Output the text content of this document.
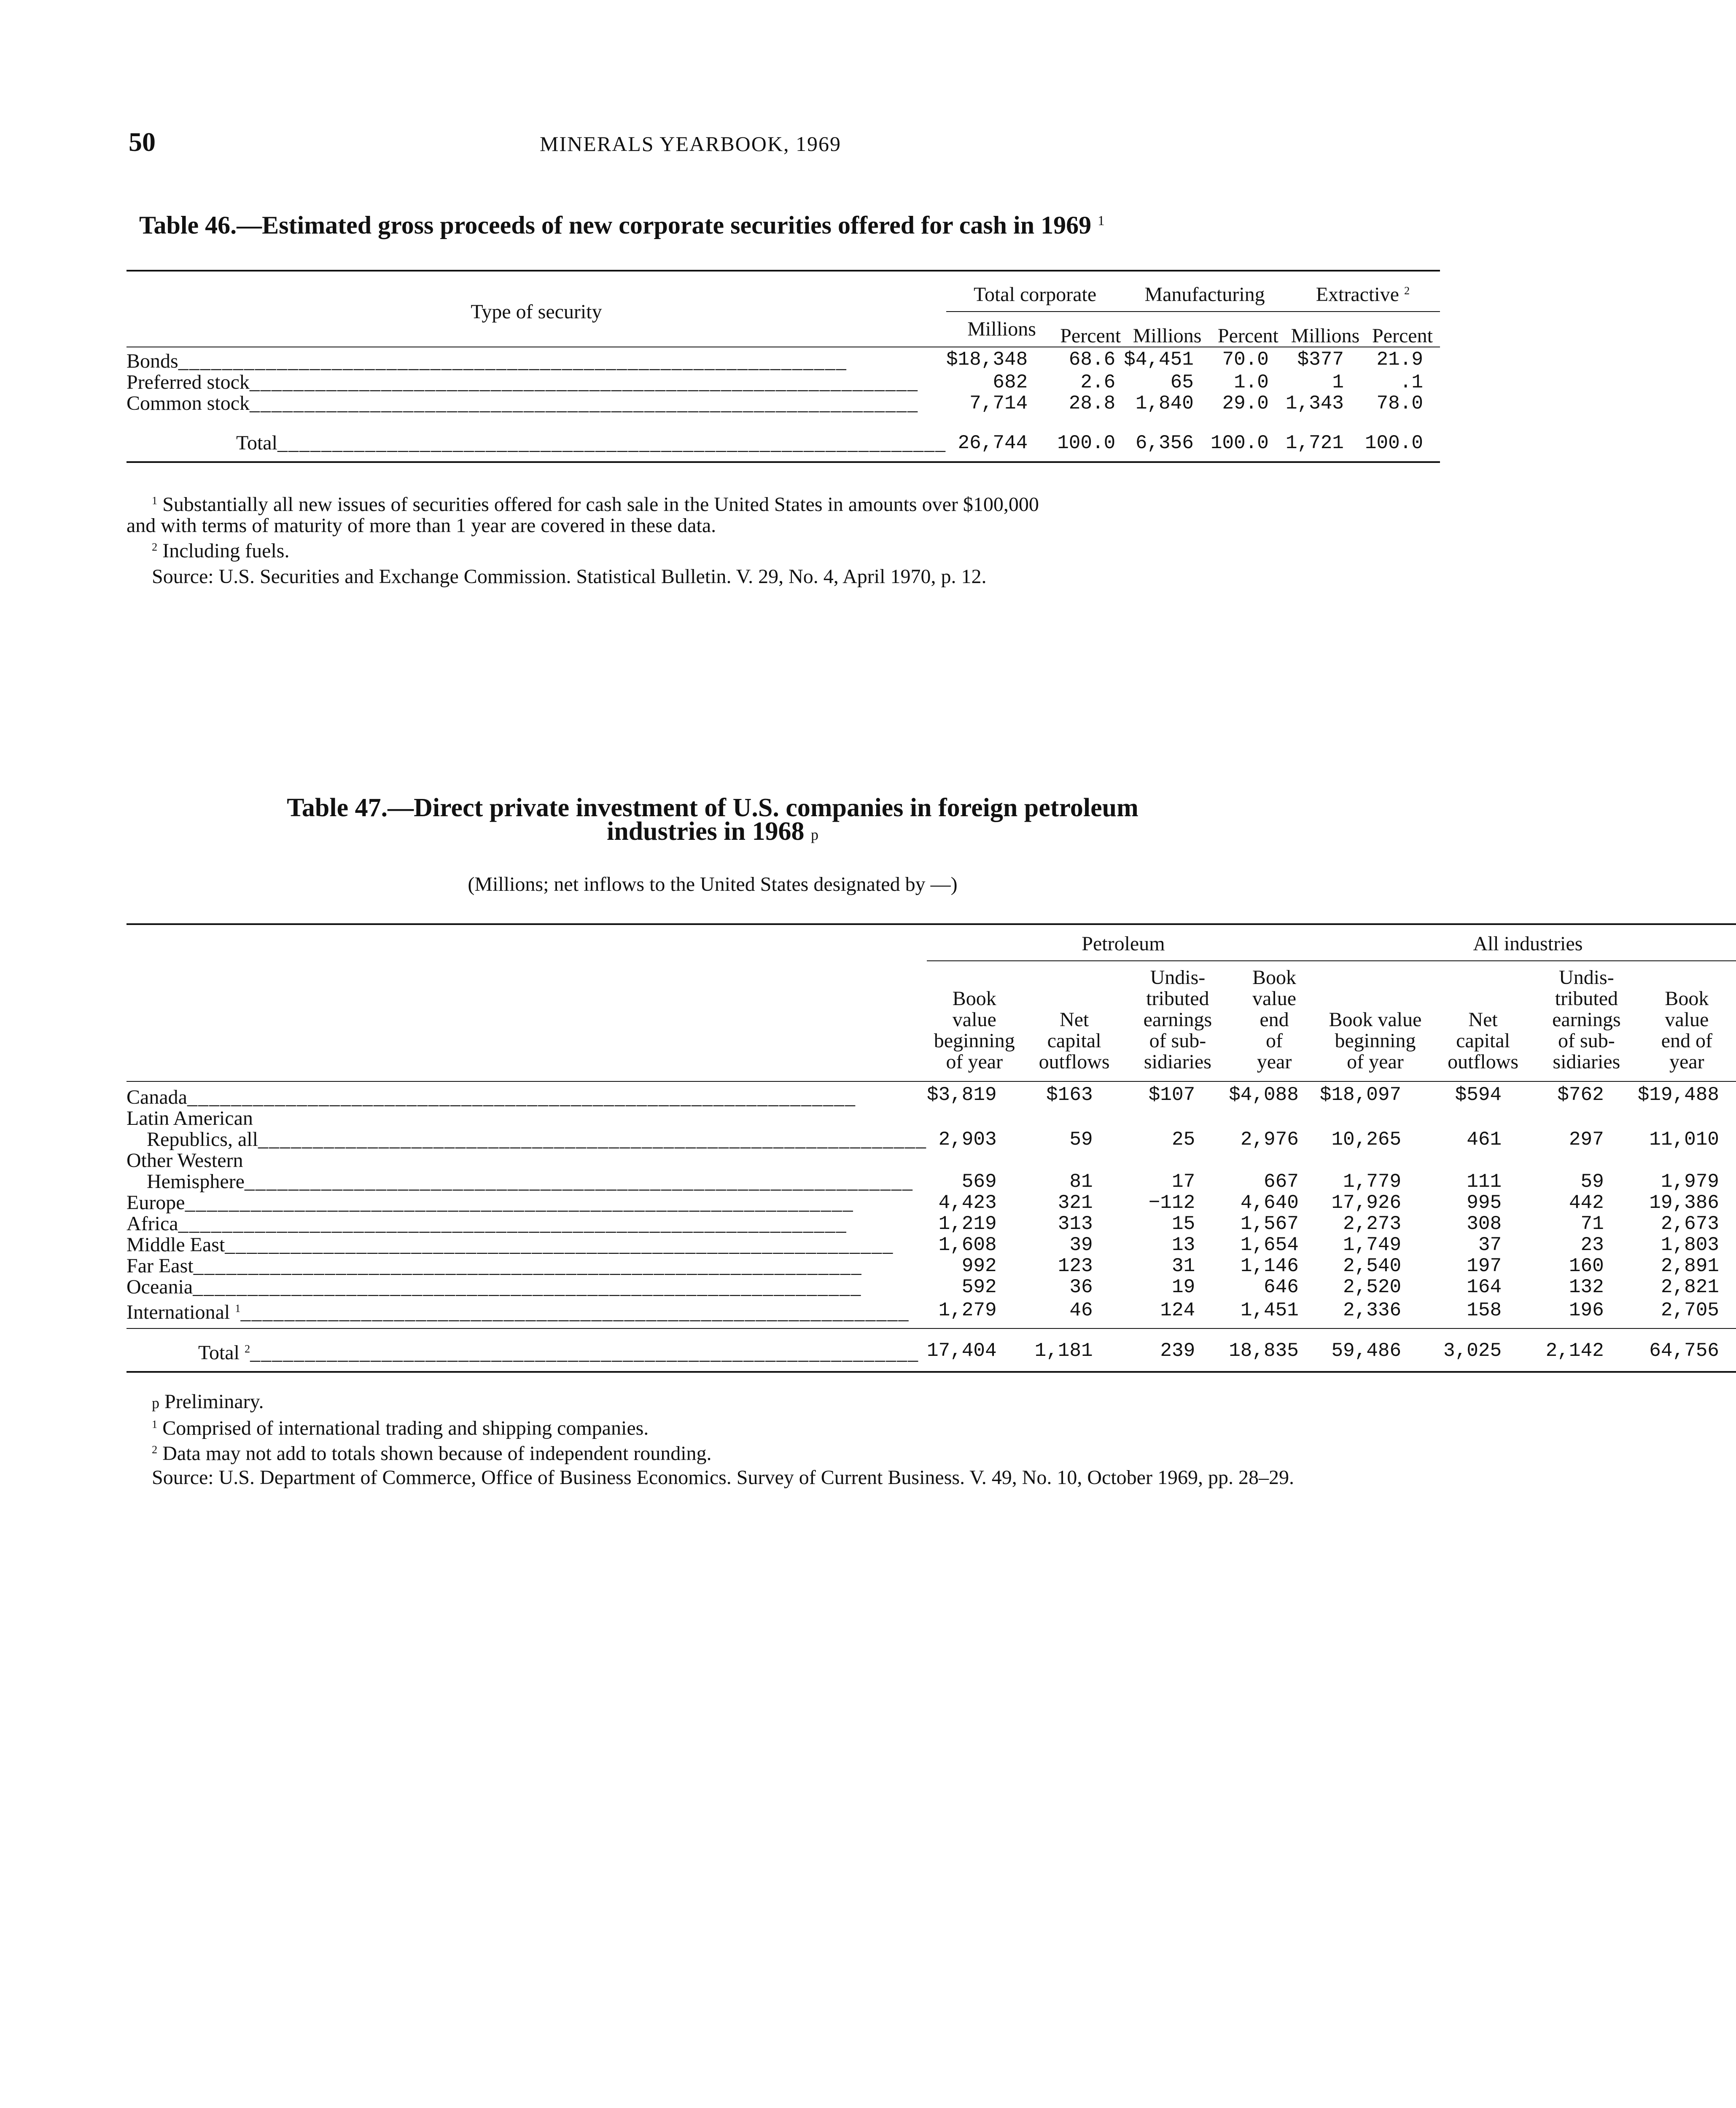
50	MINERALS YEARBOOK, 1969
Table 46.—Estimated gross proceeds of new corporate securities offered for cash in 1969 $^1$
Type of security	Total corporate		Manufacturing		Extractive $^2$
	Millions	Percent	Millions	Percent	Millions	Percent
Bonds _____	$18,348	68.6	$4,451	70.0	$377	21.9
Preferred stock _____	682	2.6	65	1.0	1	.1
Common stock _____	7,714	28.8	1,840	29.0	1,343	78.0
Total _____	26,744	100.0	6,356	100.0	1,721	100.0

$^1$ Substantially all new issues of securities offered for cash sale in the United States in amounts over $100,000
and with terms of maturity of more than 1 year are covered in these data.
$^2$ Including fuels.
Source: U.S. Securities and Exchange Commission. Statistical Bulletin. V. 29, No. 4, April 1970, p. 12.
Table 47.—Direct private investment of U.S. companies in foreign petroleum
industries in 1968 p
(Millions; net inflows to the United States designated by —)
	Petroleum				All industries			
	Book value beginning of year	Net capital outflows	Undis- tributed earnings of sub- sidiaries	Book value end of year	Book value beginning of year	Net capital outflows	Undis- tributed earnings of sub- sidiaries	Book value end of year
Canada _____	$3,819	$163	$107	$4,088	$18,097	$594	$762	$19,488
Latin American								
Republics, all _____	2,903	59	25	2,976	10,265	461	297	11,010
Other Western								
Hemisphere _____	569	81	17	667	1,779	111	59	1,979
Europe _____	4,423	321	−112	4,640	17,926	995	442	19,386
Africa _____	1,219	313	15	1,567	2,273	308	71	2,673
Middle East _____	1,608	39	13	1,654	1,749	37	23	1,803
Far East _____	992	123	31	1,146	2,540	197	160	2,891
Oceania _____	592	36	19	646	2,520	164	132	2,821
International $^1$ _____	1,279	46	124	1,451	2,336	158	196	2,705
Total $^2$ _____	17,404	1,181	239	18,835	59,486	3,025	2,142	64,756

p Preliminary.
$^1$ Comprised of international trading and shipping companies.
$^2$ Data may not add to totals shown because of independent rounding.
Source: U.S. Department of Commerce, Office of Business Economics. Survey of Current Business. V. 49, No. 10, October 1969, pp. 28–29.
